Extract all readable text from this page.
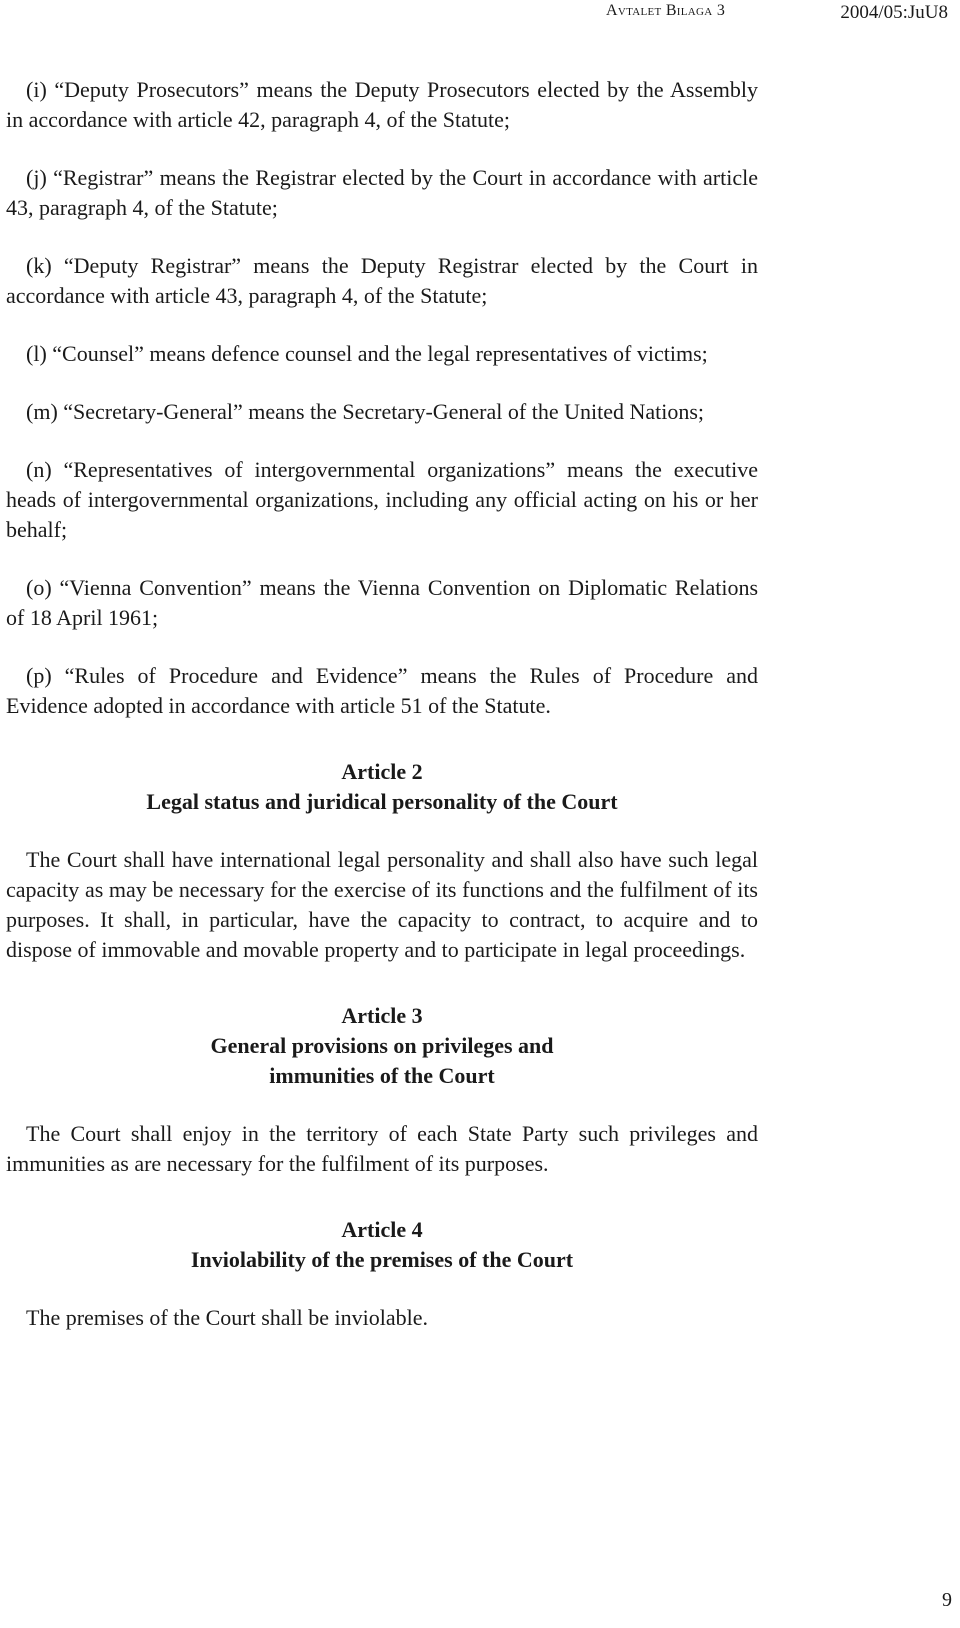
Avtalet Bilaga 3	2004/05:JuU8

(i) “Deputy Prosecutors” means the Deputy Prosecutors elected by the Assembly in accordance with article 42, paragraph 4, of the Statute;

(j) “Registrar” means the Registrar elected by the Court in accordance with article 43, paragraph 4, of the Statute;

(k) “Deputy Registrar” means the Deputy Registrar elected by the Court in accordance with article 43, paragraph 4, of the Statute;

(l) “Counsel” means defence counsel and the legal representatives of victims;

(m) “Secretary-General” means the Secretary-General of the United Nations;

(n) “Representatives of intergovernmental organizations” means the executive heads of intergovernmental organizations, including any official acting on his or her behalf;

(o) “Vienna Convention” means the Vienna Convention on Diplomatic Relations of 18 April 1961;

(p) “Rules of Procedure and Evidence” means the Rules of Procedure and Evidence adopted in accordance with article 51 of the Statute.

Article 2
Legal status and juridical personality of the Court

The Court shall have international legal personality and shall also have such legal capacity as may be necessary for the exercise of its functions and the fulfilment of its purposes. It shall, in particular, have the capacity to contract, to acquire and to dispose of immovable and movable property and to participate in legal proceedings.

Article 3
General provisions on privileges and
immunities of the Court

The Court shall enjoy in the territory of each State Party such privileges and immunities as are necessary for the fulfilment of its purposes.

Article 4
Inviolability of the premises of the Court

The premises of the Court shall be inviolable.

9
